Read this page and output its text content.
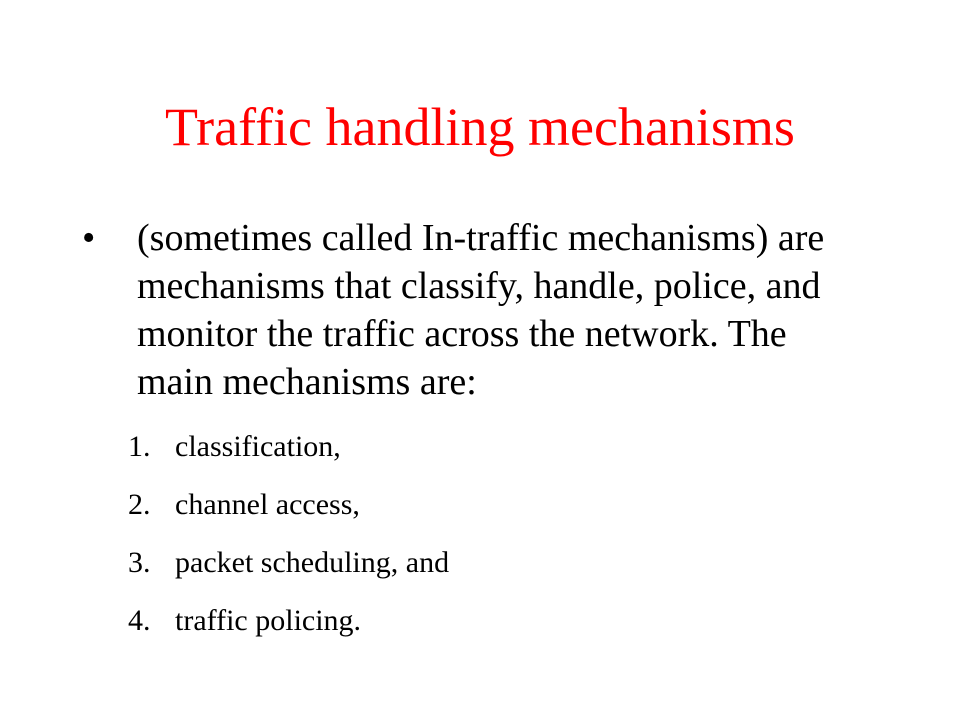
Traffic handling mechanisms
• (sometimes called In-traffic mechanisms) are mechanisms that classify, handle, police, and monitor the traffic across the network. The main mechanisms are:

1. classification,
2. channel access,
3. packet scheduling, and
4. traffic policing.
